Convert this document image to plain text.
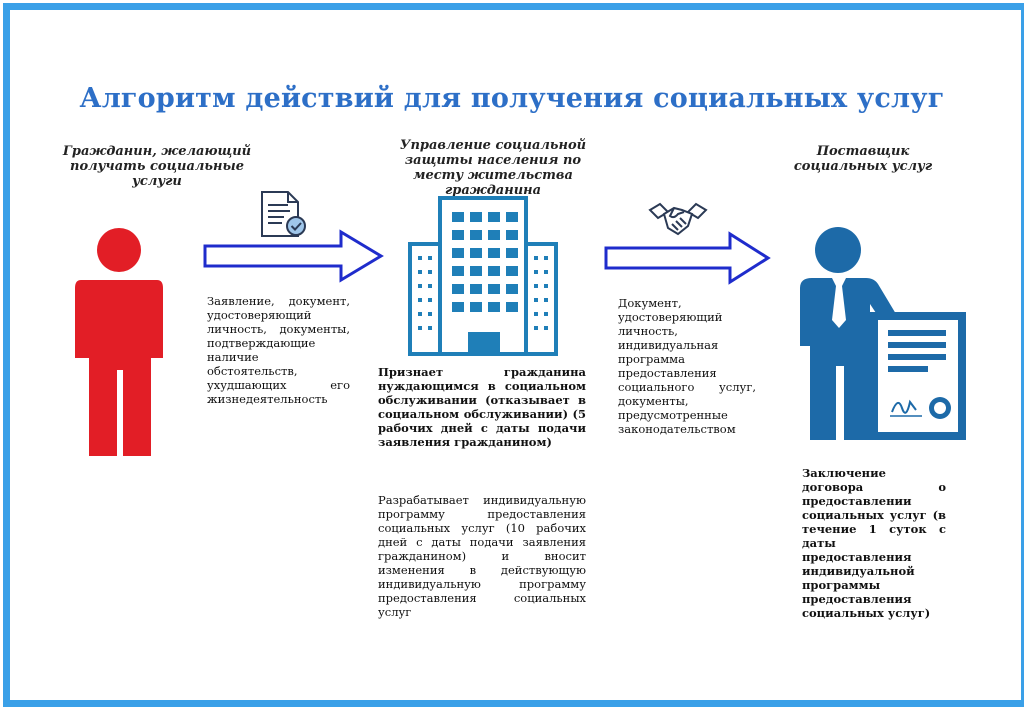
Алгоритм действий для получения социальных услуг
Гражданин, желающий получать социальные услуги
Управление социальной защиты населения по месту жительства гражданина
Поставщик социальных услуг
Заявление, документ, удостоверяющий личность, документы, подтверждающие наличие обстоятельств, ухудшающих его жизнедеятельность
Признает гражданина нуждающимся в социальном обслуживании (отказывает в социальном обслуживании) (5 рабочих дней с даты подачи заявления гражданином)
Разрабатывает индивидуальную программу предоставления социальных услуг (10 рабочих дней с даты подачи заявления гражданином) и вносит изменения в действующую индивидуальную программу предоставления социальных услуг
Документ, удостоверяющий личность, индивидуальная программа предоставления социального услуг, документы, предусмотренные законодательством
Заключение договора о предоставлении социальных услуг (в течение 1 суток с даты предоставления индивидуальной программы предоставления социальных услуг)
